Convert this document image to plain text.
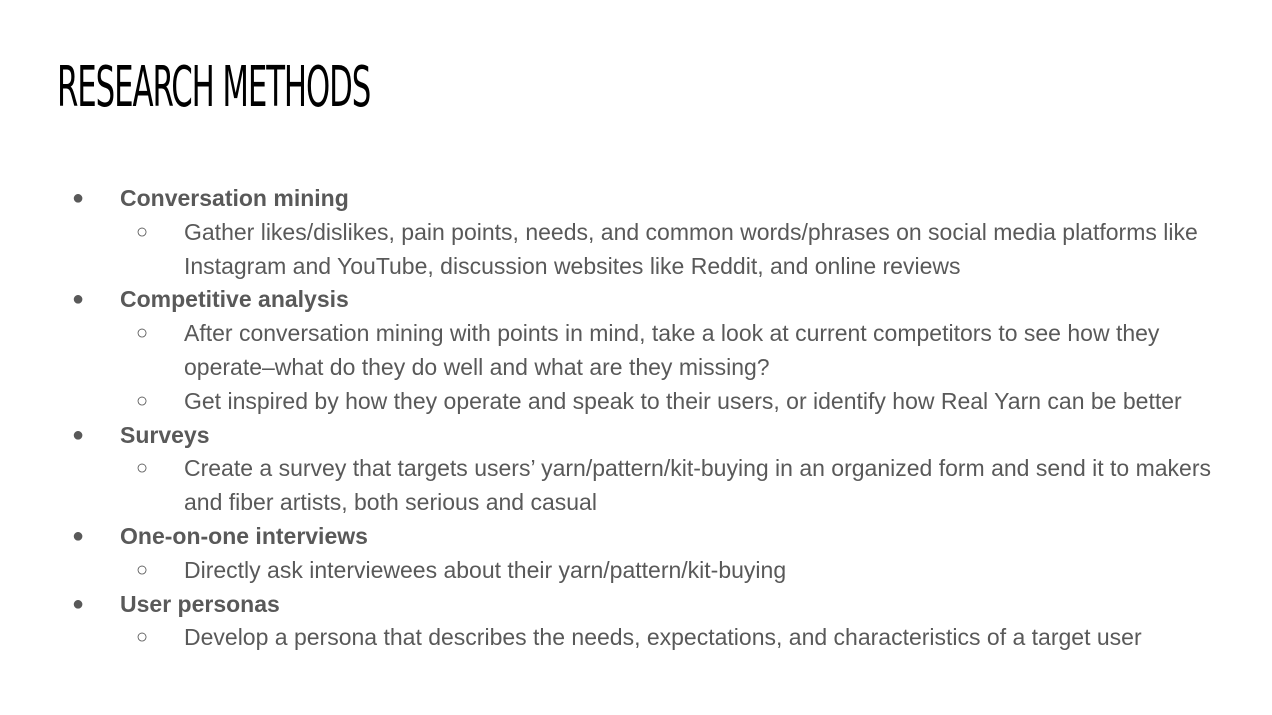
RESEARCH METHODS
● Conversation mining
○ Gather likes/dislikes, pain points, needs, and common words/phrases on social media platforms like Instagram and YouTube, discussion websites like Reddit, and online reviews
● Competitive analysis
○ After conversation mining with points in mind, take a look at current competitors to see how they operate–what do they do well and what are they missing?
○ Get inspired by how they operate and speak to their users, or identify how Real Yarn can be better
● Surveys
○ Create a survey that targets users’ yarn/pattern/kit-buying in an organized form and send it to makers and fiber artists, both serious and casual
● One-on-one interviews
○ Directly ask interviewees about their yarn/pattern/kit-buying
● User personas
○ Develop a persona that describes the needs, expectations, and characteristics of a target user
